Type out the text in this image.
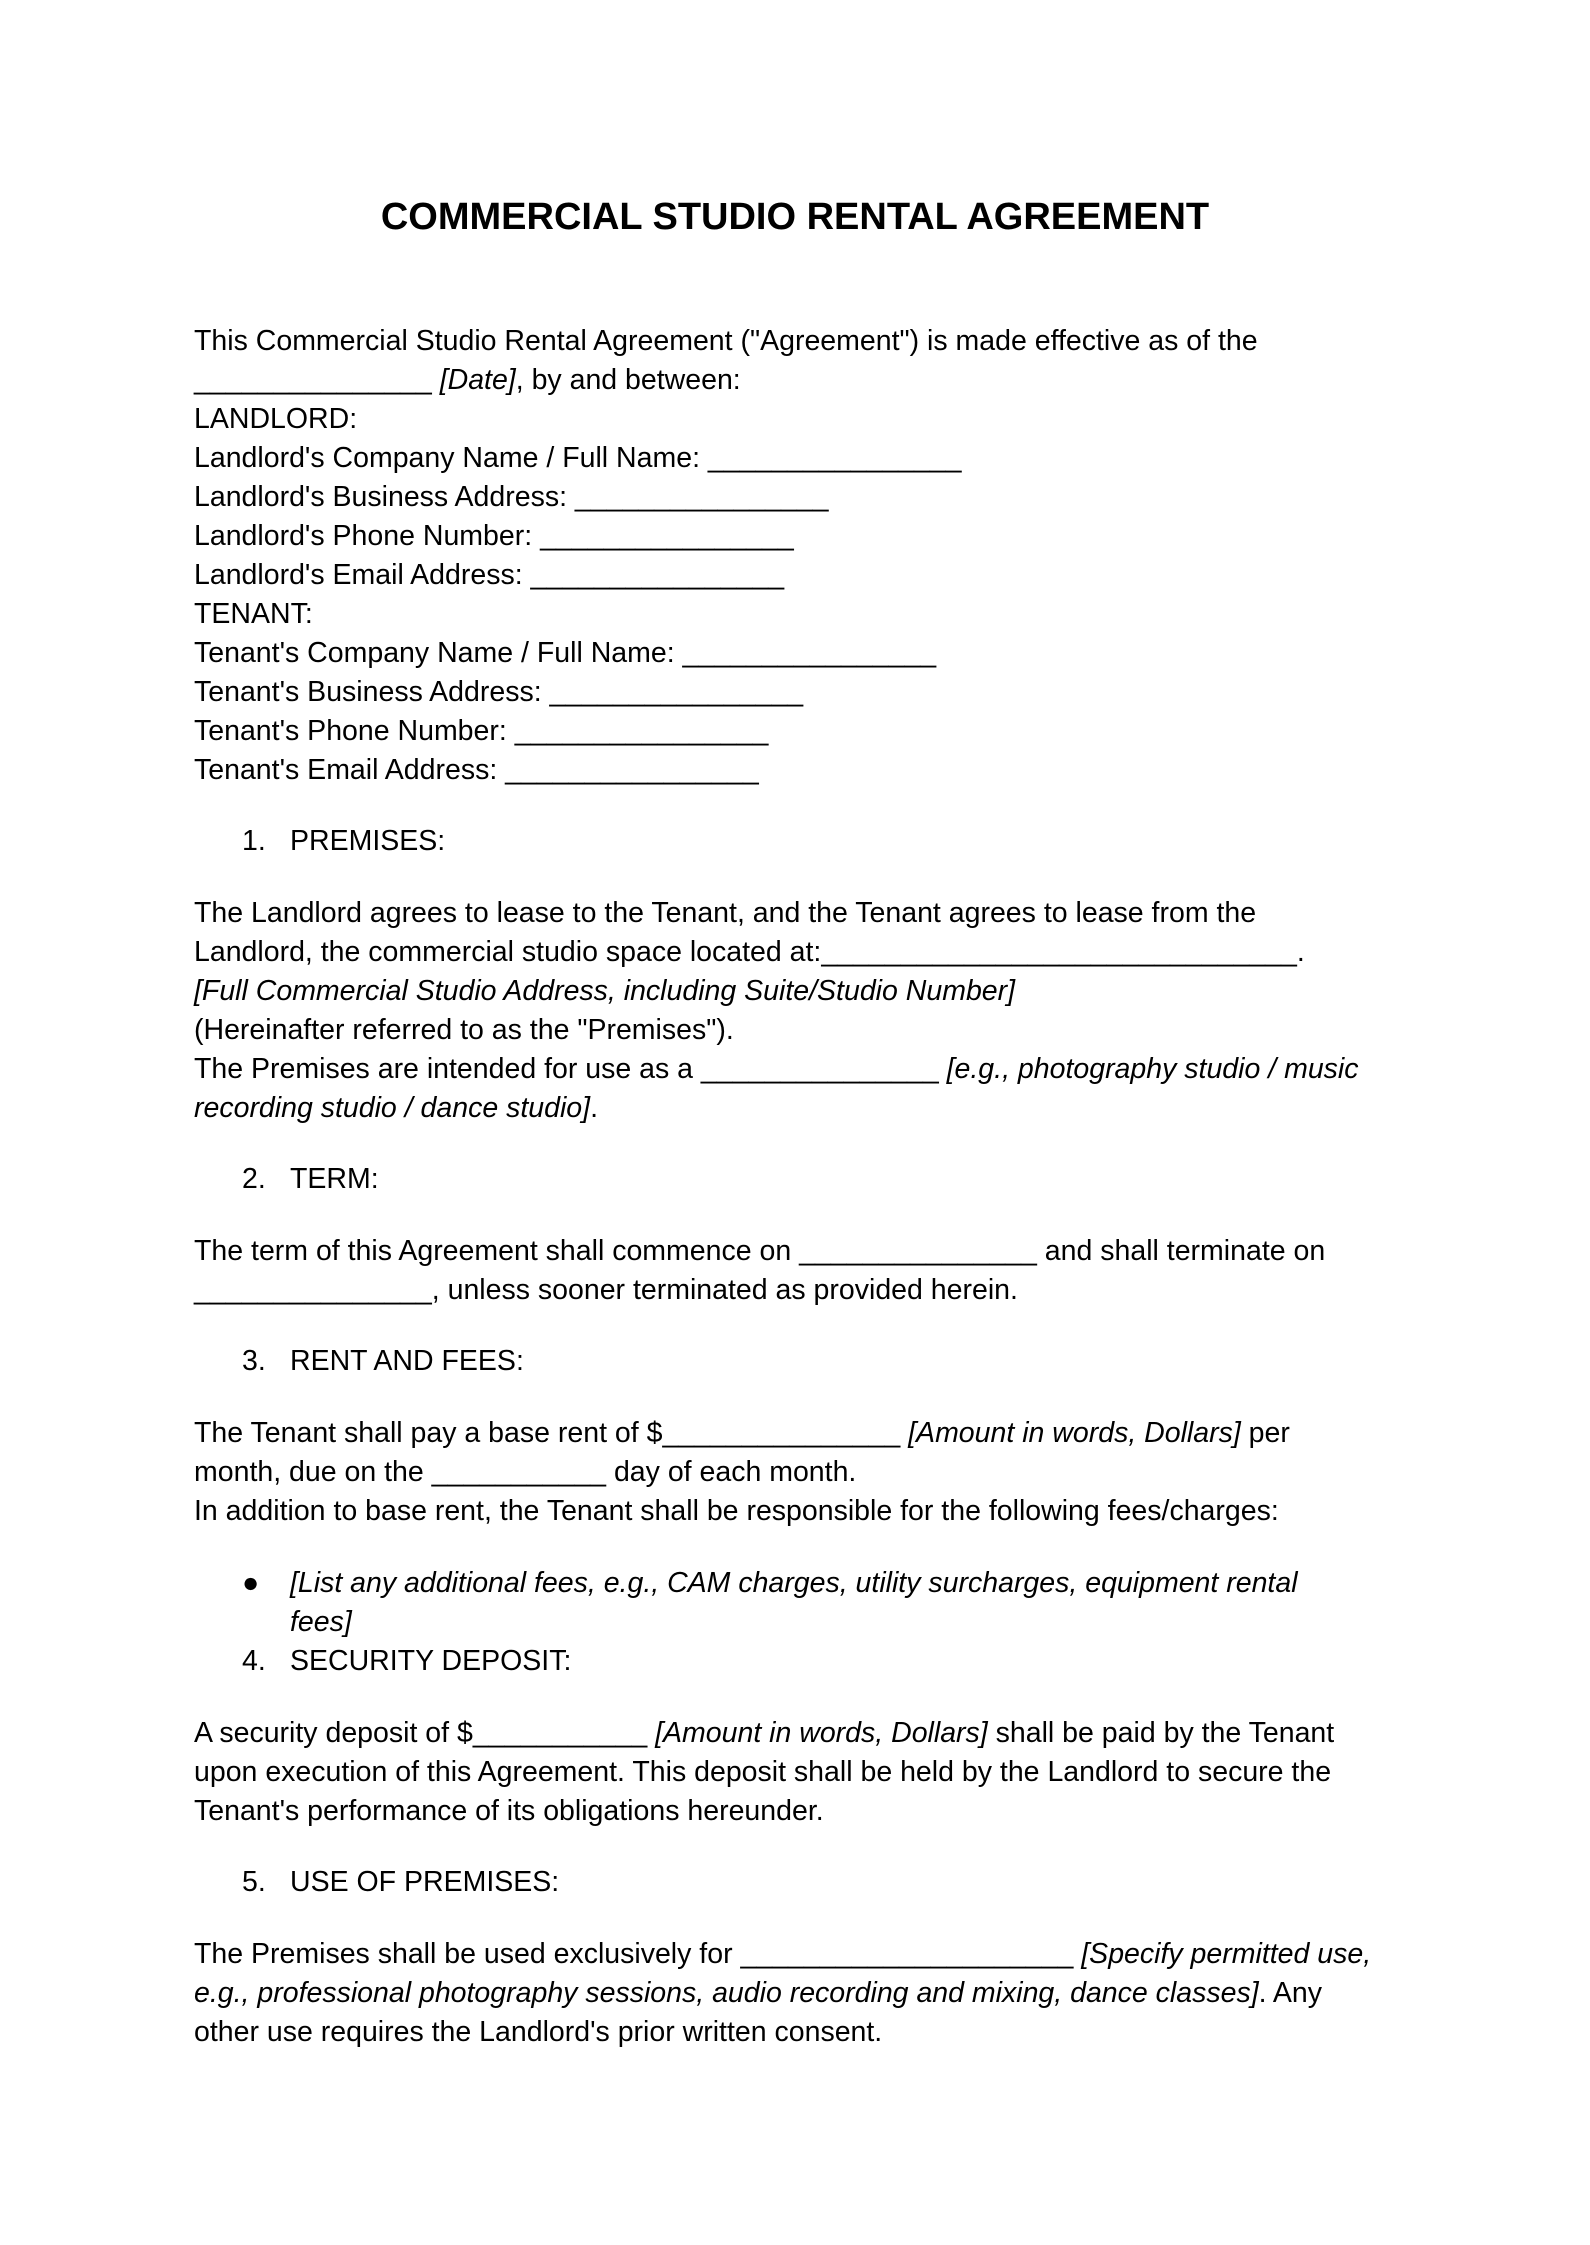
COMMERCIAL STUDIO RENTAL AGREEMENT
This Commercial Studio Rental Agreement ("Agreement") is made effective as of the
_______________ [Date], by and between:
LANDLORD:
Landlord's Company Name / Full Name: ________________
Landlord's Business Address: ________________
Landlord's Phone Number: ________________
Landlord's Email Address: ________________
TENANT:
Tenant's Company Name / Full Name: ________________
Tenant's Business Address: ________________
Tenant's Phone Number: ________________
Tenant's Email Address: ________________
1. PREMISES:
The Landlord agrees to lease to the Tenant, and the Tenant agrees to lease from the
Landlord, the commercial studio space located at:______________________________.
[Full Commercial Studio Address, including Suite/Studio Number]
(Hereinafter referred to as the "Premises").
The Premises are intended for use as a _______________ [e.g., photography studio / music
recording studio / dance studio].
2. TERM:
The term of this Agreement shall commence on _______________ and shall terminate on
_______________, unless sooner terminated as provided herein.
3. RENT AND FEES:
The Tenant shall pay a base rent of $_______________ [Amount in words, Dollars] per
month, due on the ___________ day of each month.
In addition to base rent, the Tenant shall be responsible for the following fees/charges:
●	[List any additional fees, e.g., CAM charges, utility surcharges, equipment rental fees]
4. SECURITY DEPOSIT:
A security deposit of $___________ [Amount in words, Dollars] shall be paid by the Tenant
upon execution of this Agreement. This deposit shall be held by the Landlord to secure the
Tenant's performance of its obligations hereunder.
5. USE OF PREMISES:
The Premises shall be used exclusively for _____________________ [Specify permitted use,
e.g., professional photography sessions, audio recording and mixing, dance classes]. Any
other use requires the Landlord's prior written consent.
